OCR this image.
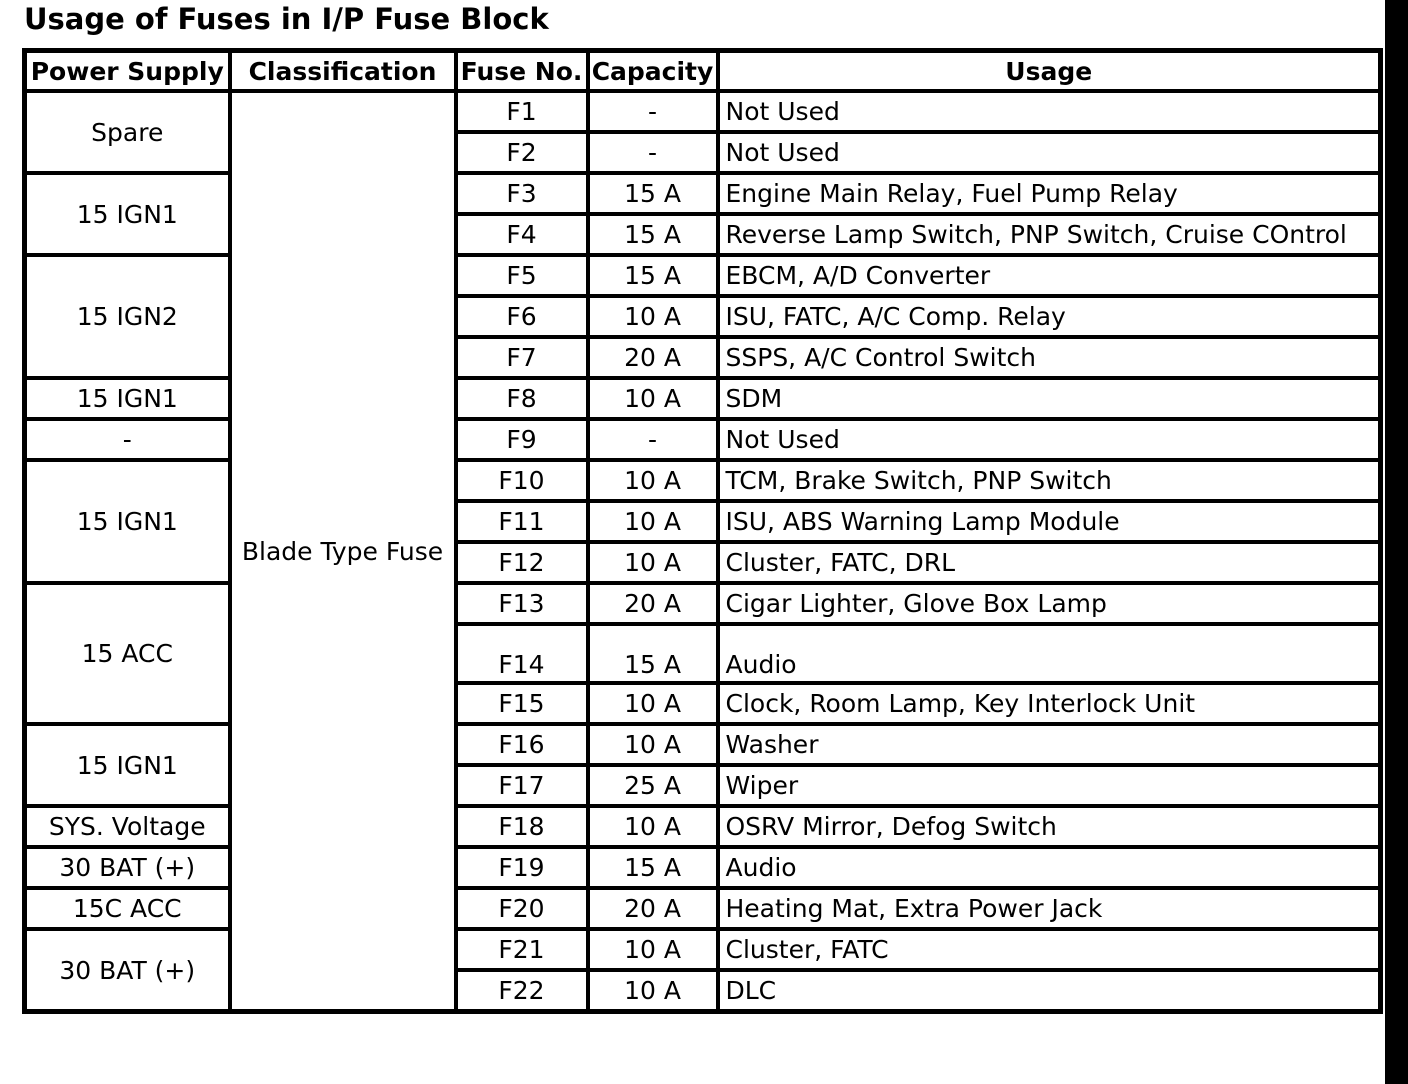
Usage of Fuses in I/P Fuse Block
Power Supply	Classification	Fuse No.	Capacity	Usage
Spare	Blade Type Fuse	F1	-	Not Used
		F2	-	Not Used
15 IGN1		F3	15 A	Engine Main Relay, Fuel Pump Relay
		F4	15 A	Reverse Lamp Switch, PNP Switch, Cruise COntrol
15 IGN2		F5	15 A	EBCM, A/D Converter
		F6	10 A	ISU, FATC, A/C Comp. Relay
		F7	20 A	SSPS, A/C Control Switch
15 IGN1		F8	10 A	SDM
-		F9	-	Not Used
15 IGN1		F10	10 A	TCM, Brake Switch, PNP Switch
		F11	10 A	ISU, ABS Warning Lamp Module
		F12	10 A	Cluster, FATC, DRL
15 ACC		F13	20 A	Cigar Lighter, Glove Box Lamp
		F14	15 A	Audio
		F15	10 A	Clock, Room Lamp, Key Interlock Unit
15 IGN1		F16	10 A	Washer
		F17	25 A	Wiper
SYS. Voltage		F18	10 A	OSRV Mirror, Defog Switch
30 BAT (+)		F19	15 A	Audio
15C ACC		F20	20 A	Heating Mat, Extra Power Jack
30 BAT (+)		F21	10 A	Cluster, FATC
		F22	10 A	DLC
